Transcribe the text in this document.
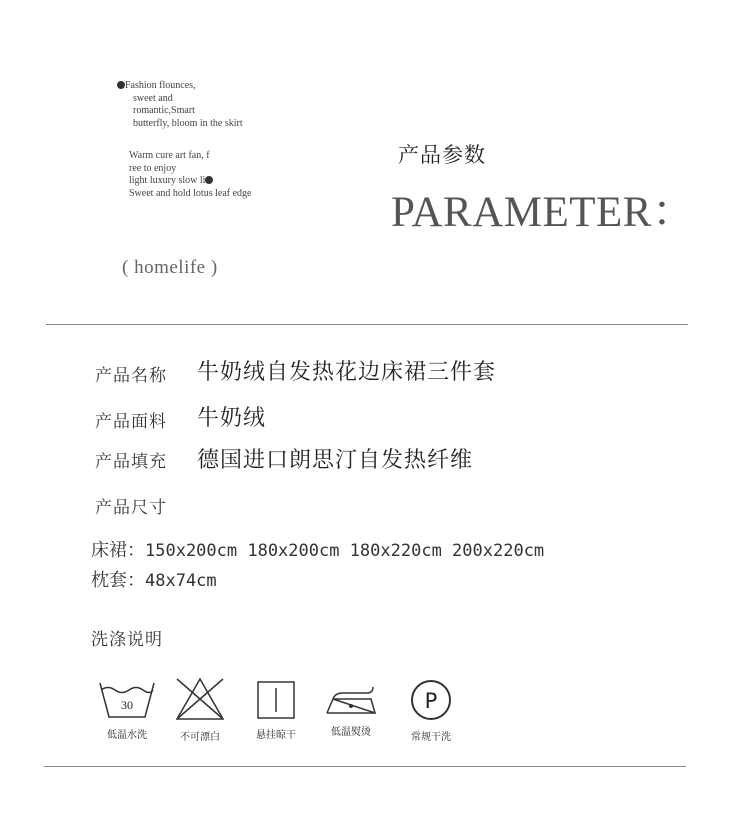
Fashion flounces,
sweet and
romantic,Smart
butterfly, bloom in the skirt
Warm cure art fan, f
ree to enjoy
light luxury slow li
Sweet and hold lotus leaf edge
产品参数
PARAMETER：
( homelife )
产品名称 牛奶绒自发热花边床裙三件套
产品面料 牛奶绒
产品填充 德国进口朗思汀自发热纤维
产品尺寸
床裙：150x200cm 180x200cm 180x220cm 200x220cm
枕套：48x74cm
洗涤说明
30
低温水洗	不可漂白	悬挂晾干	低温熨烫
P
常规干洗
